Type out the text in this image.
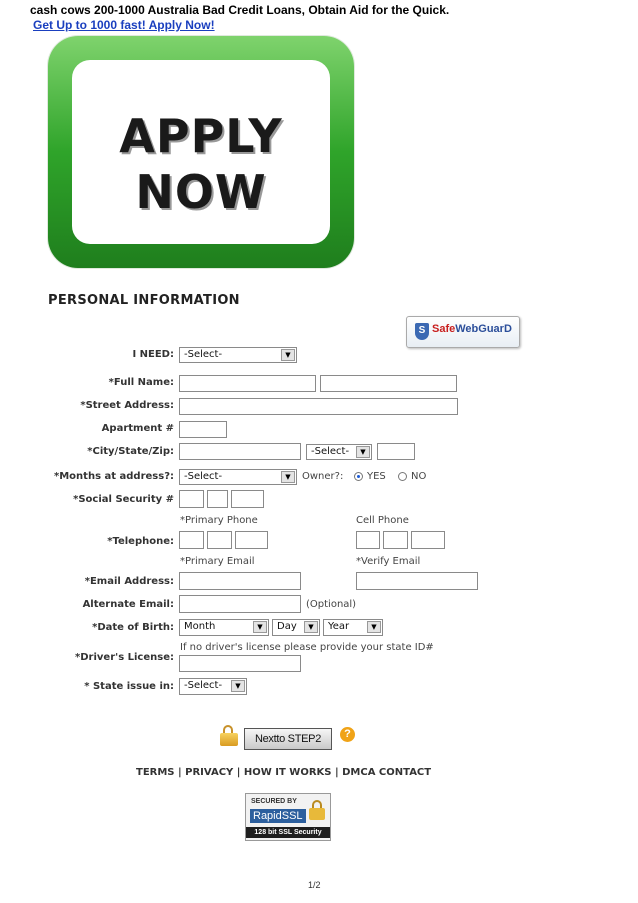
cash cows 200-1000 Australia Bad Credit Loans, Obtain Aid for the Quick.
Get Up to 1000 fast! Apply Now!
APPLY
NOW
PERSONAL INFORMATION
S SafeWebGuarD
I NEED: -Select-	▼
*Full Name:
*Street Address:
Apartment #
*City/State/Zip:	-Select-	▼
*Months at address?: -Select-	▼	Owner?: YES	NO
*Social Security #
*Primary Phone	Cell Phone
*Telephone:
*Primary Email	*Verify Email
*Email Address:
Alternate Email:	(Optional)
*Date of Birth: Month	▼	Day	▼	Year	▼
If no driver's license please provide your state ID#
*Driver's License:
* State issue in: -Select-	▼
Nextto STEP2	?
TERMS | PRIVACY | HOW IT WORKS | DMCA CONTACT
SECURED BY
RapidSSL
128 bit SSL Security
1/2
